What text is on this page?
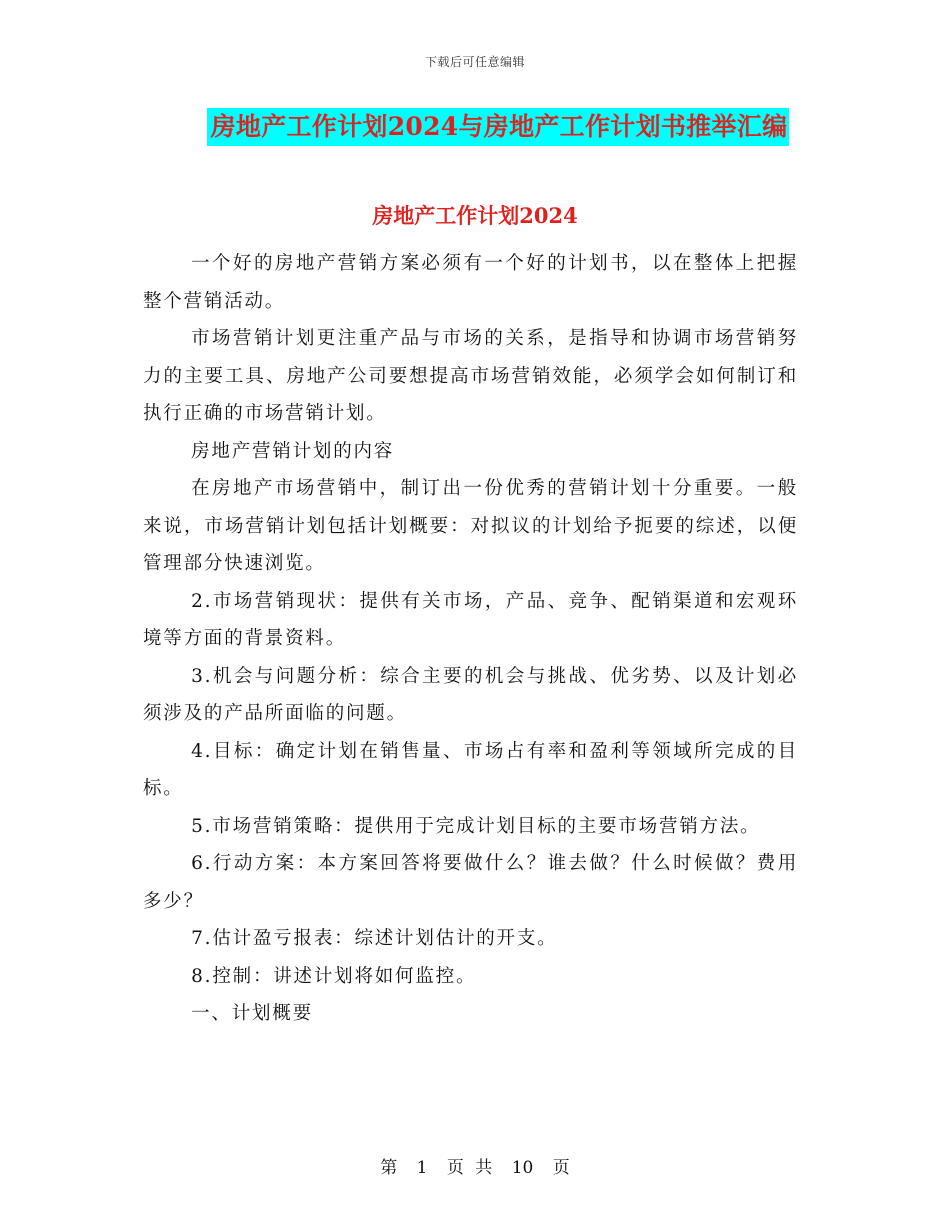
下载后可任意编辑
房地产工作计划2024与房地产工作计划书推举汇编
房地产工作计划2024

一个好的房地产营销方案必须有一个好的计划书，以在整体上把握整个营销活动。

市场营销计划更注重产品与市场的关系，是指导和协调市场营销努力的主要工具、房地产公司要想提高市场营销效能，必须学会如何制订和执行正确的市场营销计划。

房地产营销计划的内容

在房地产市场营销中，制订出一份优秀的营销计划十分重要。一般来说，市场营销计划包括计划概要：对拟议的计划给予扼要的综述，以便管理部分快速浏览。

2.市场营销现状：提供有关市场，产品、竞争、配销渠道和宏观环境等方面的背景资料。

3.机会与问题分析：综合主要的机会与挑战、优劣势、以及计划必须涉及的产品所面临的问题。

4.目标：确定计划在销售量、市场占有率和盈利等领域所完成的目标。

5.市场营销策略：提供用于完成计划目标的主要市场营销方法。

6.行动方案：本方案回答将要做什么？谁去做？什么时候做？费用多少？

7.估计盈亏报表：综述计划估计的开支。

8.控制：讲述计划将如何监控。

一、计划概要

第 1 页 共 10 页
